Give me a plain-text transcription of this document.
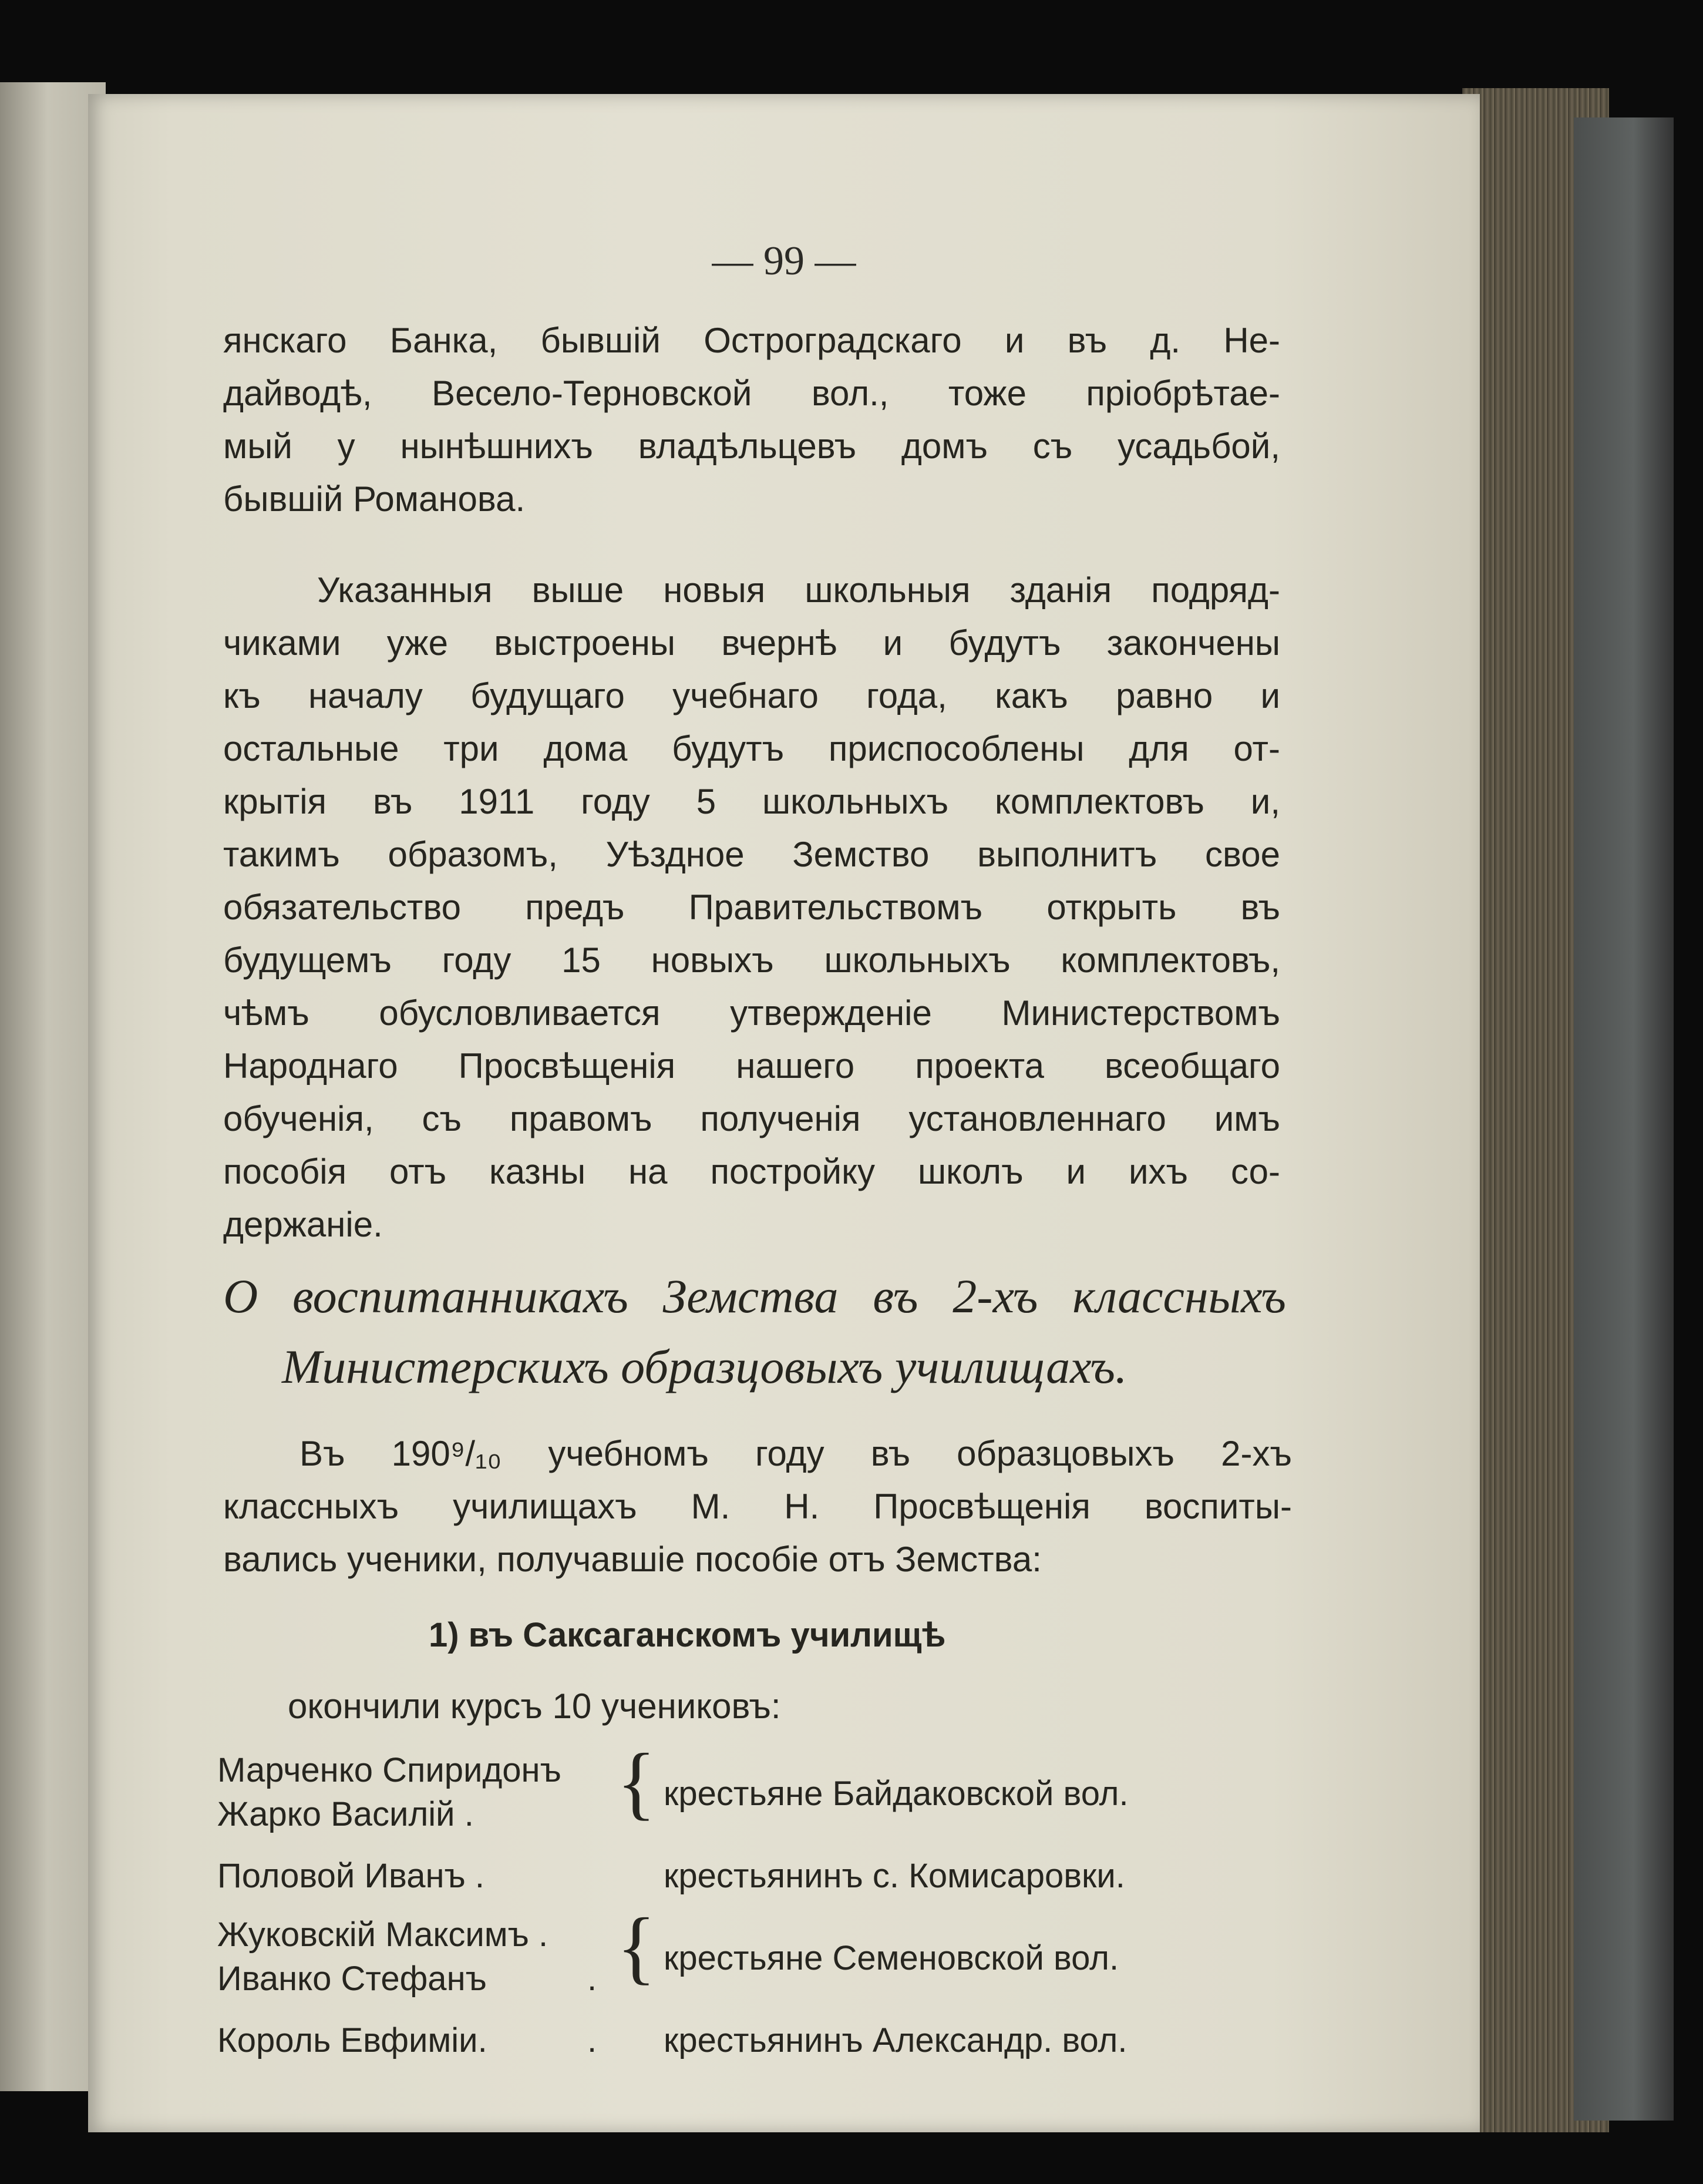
— 99 —

янскаго Банка, бывшій Остроградскаго и въ д. Не-

дайводѣ, Весело-Терновской вол., тоже пріобрѣтае-

мый у нынѣшнихъ владѣльцевъ домъ съ усадьбой,

бывшій Романова.

Указанныя выше новыя школьныя зданія подряд-

чиками уже выстроены вчернѣ и будутъ закончены

къ началу будущаго учебнаго года, какъ равно и

остальные три дома будутъ приспособлены для от-

крытія въ 1911 году 5 школьныхъ комплектовъ и,

такимъ образомъ, Уѣздное Земство выполнитъ свое

обязательство предъ Правительствомъ открыть въ

будущемъ году 15 новыхъ школьныхъ комплектовъ,

чѣмъ обусловливается утвержденіе Министерствомъ

Народнаго Просвѣщенія нашего проекта всеобщаго

обученія, съ правомъ полученія установленнаго имъ

пособія отъ казны на постройку школъ и ихъ со-

держаніе.

О воспитанникахъ Земства въ 2-хъ классныхъ

Министерскихъ образцовыхъ училищахъ.

Въ 190⁹/₁₀ учебномъ году въ образцовыхъ 2-хъ

классныхъ училищахъ М. Н. Просвѣщенія воспиты-

вались ученики, получавшіе пособіе отъ Земства:

1) въ Саксаганскомъ училищѣ

окончили курсъ 10 учениковъ:

Марченко Спиридонъ
Жарко Василій . { крестьяне Байдаковской вол.
Половой Иванъ .	крестьянинъ с. Комисаровки.
Жуковскій Максимъ .
Иванко Стефанъ	. { крестьяне Семеновской вол.
Король Евфиміи.	. крестьянинъ Александр. вол.
